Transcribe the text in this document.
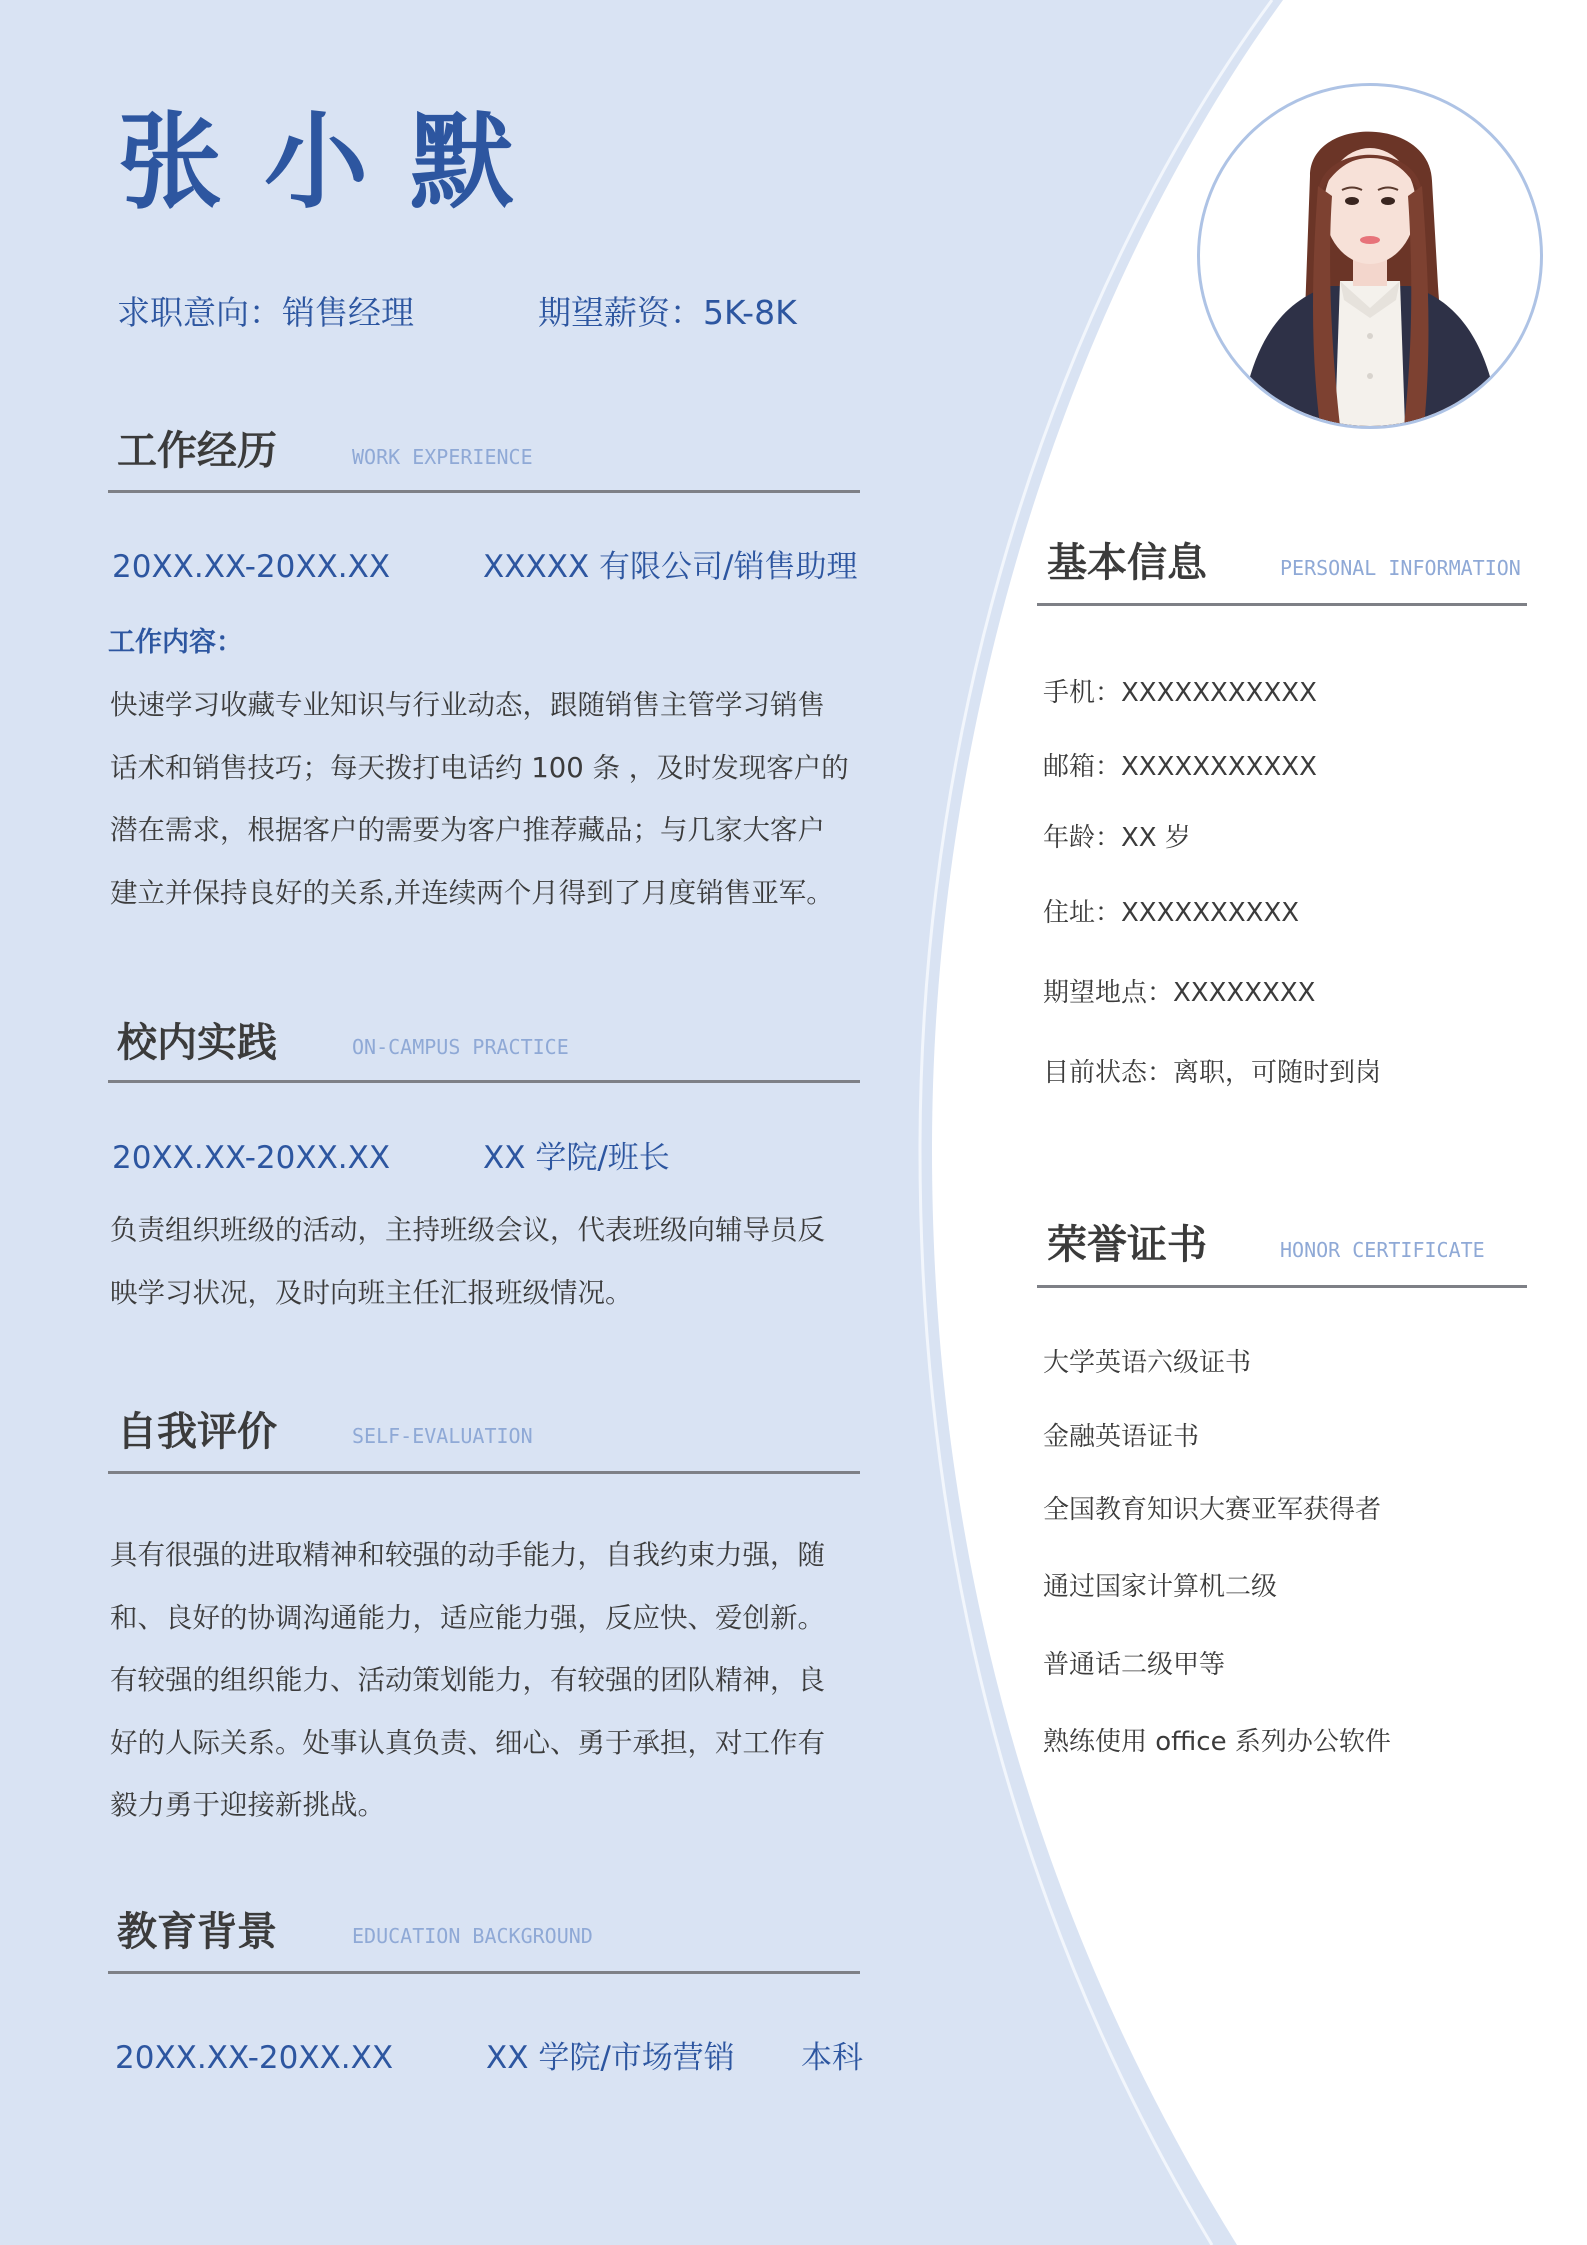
张小默
求职意向：销售经理	期望薪资：5K-8K
工作经历	WORK EXPERIENCE
20XX.XX-20XX.XX	XXXXX 有限公司/销售助理
工作内容：

快速学习收藏专业知识与行业动态，跟随销售主管学习销售

话术和销售技巧；每天拨打电话约 100 条 ，及时发现客户的

潜在需求，根据客户的需要为客户推荐藏品；与几家大客户

建立并保持良好的关系,并连续两个月得到了月度销售亚军。

校内实践	ON-CAMPUS PRACTICE
20XX.XX-20XX.XX	XX 学院/班长

负责组织班级的活动，主持班级会议，代表班级向辅导员反

映学习状况，及时向班主任汇报班级情况。

自我评价	SELF-EVALUATION

具有很强的进取精神和较强的动手能力，自我约束力强，随

和、良好的协调沟通能力，适应能力强，反应快、爱创新。

有较强的组织能力、活动策划能力，有较强的团队精神，良

好的人际关系。处事认真负责、细心、勇于承担，对工作有

毅力勇于迎接新挑战。

教育背景	EDUCATION BACKGROUND
20XX.XX-20XX.XX	XX 学院/市场营销 本科
基本信息	PERSONAL INFORMATION
手机：XXXXXXXXXXX
邮箱：XXXXXXXXXXX
年龄：XX 岁
住址：XXXXXXXXXX
期望地点：XXXXXXXX
目前状态：离职，可随时到岗
荣誉证书	HONOR CERTIFICATE
大学英语六级证书
金融英语证书
全国教育知识大赛亚军获得者
通过国家计算机二级
普通话二级甲等
熟练使用 office 系列办公软件
